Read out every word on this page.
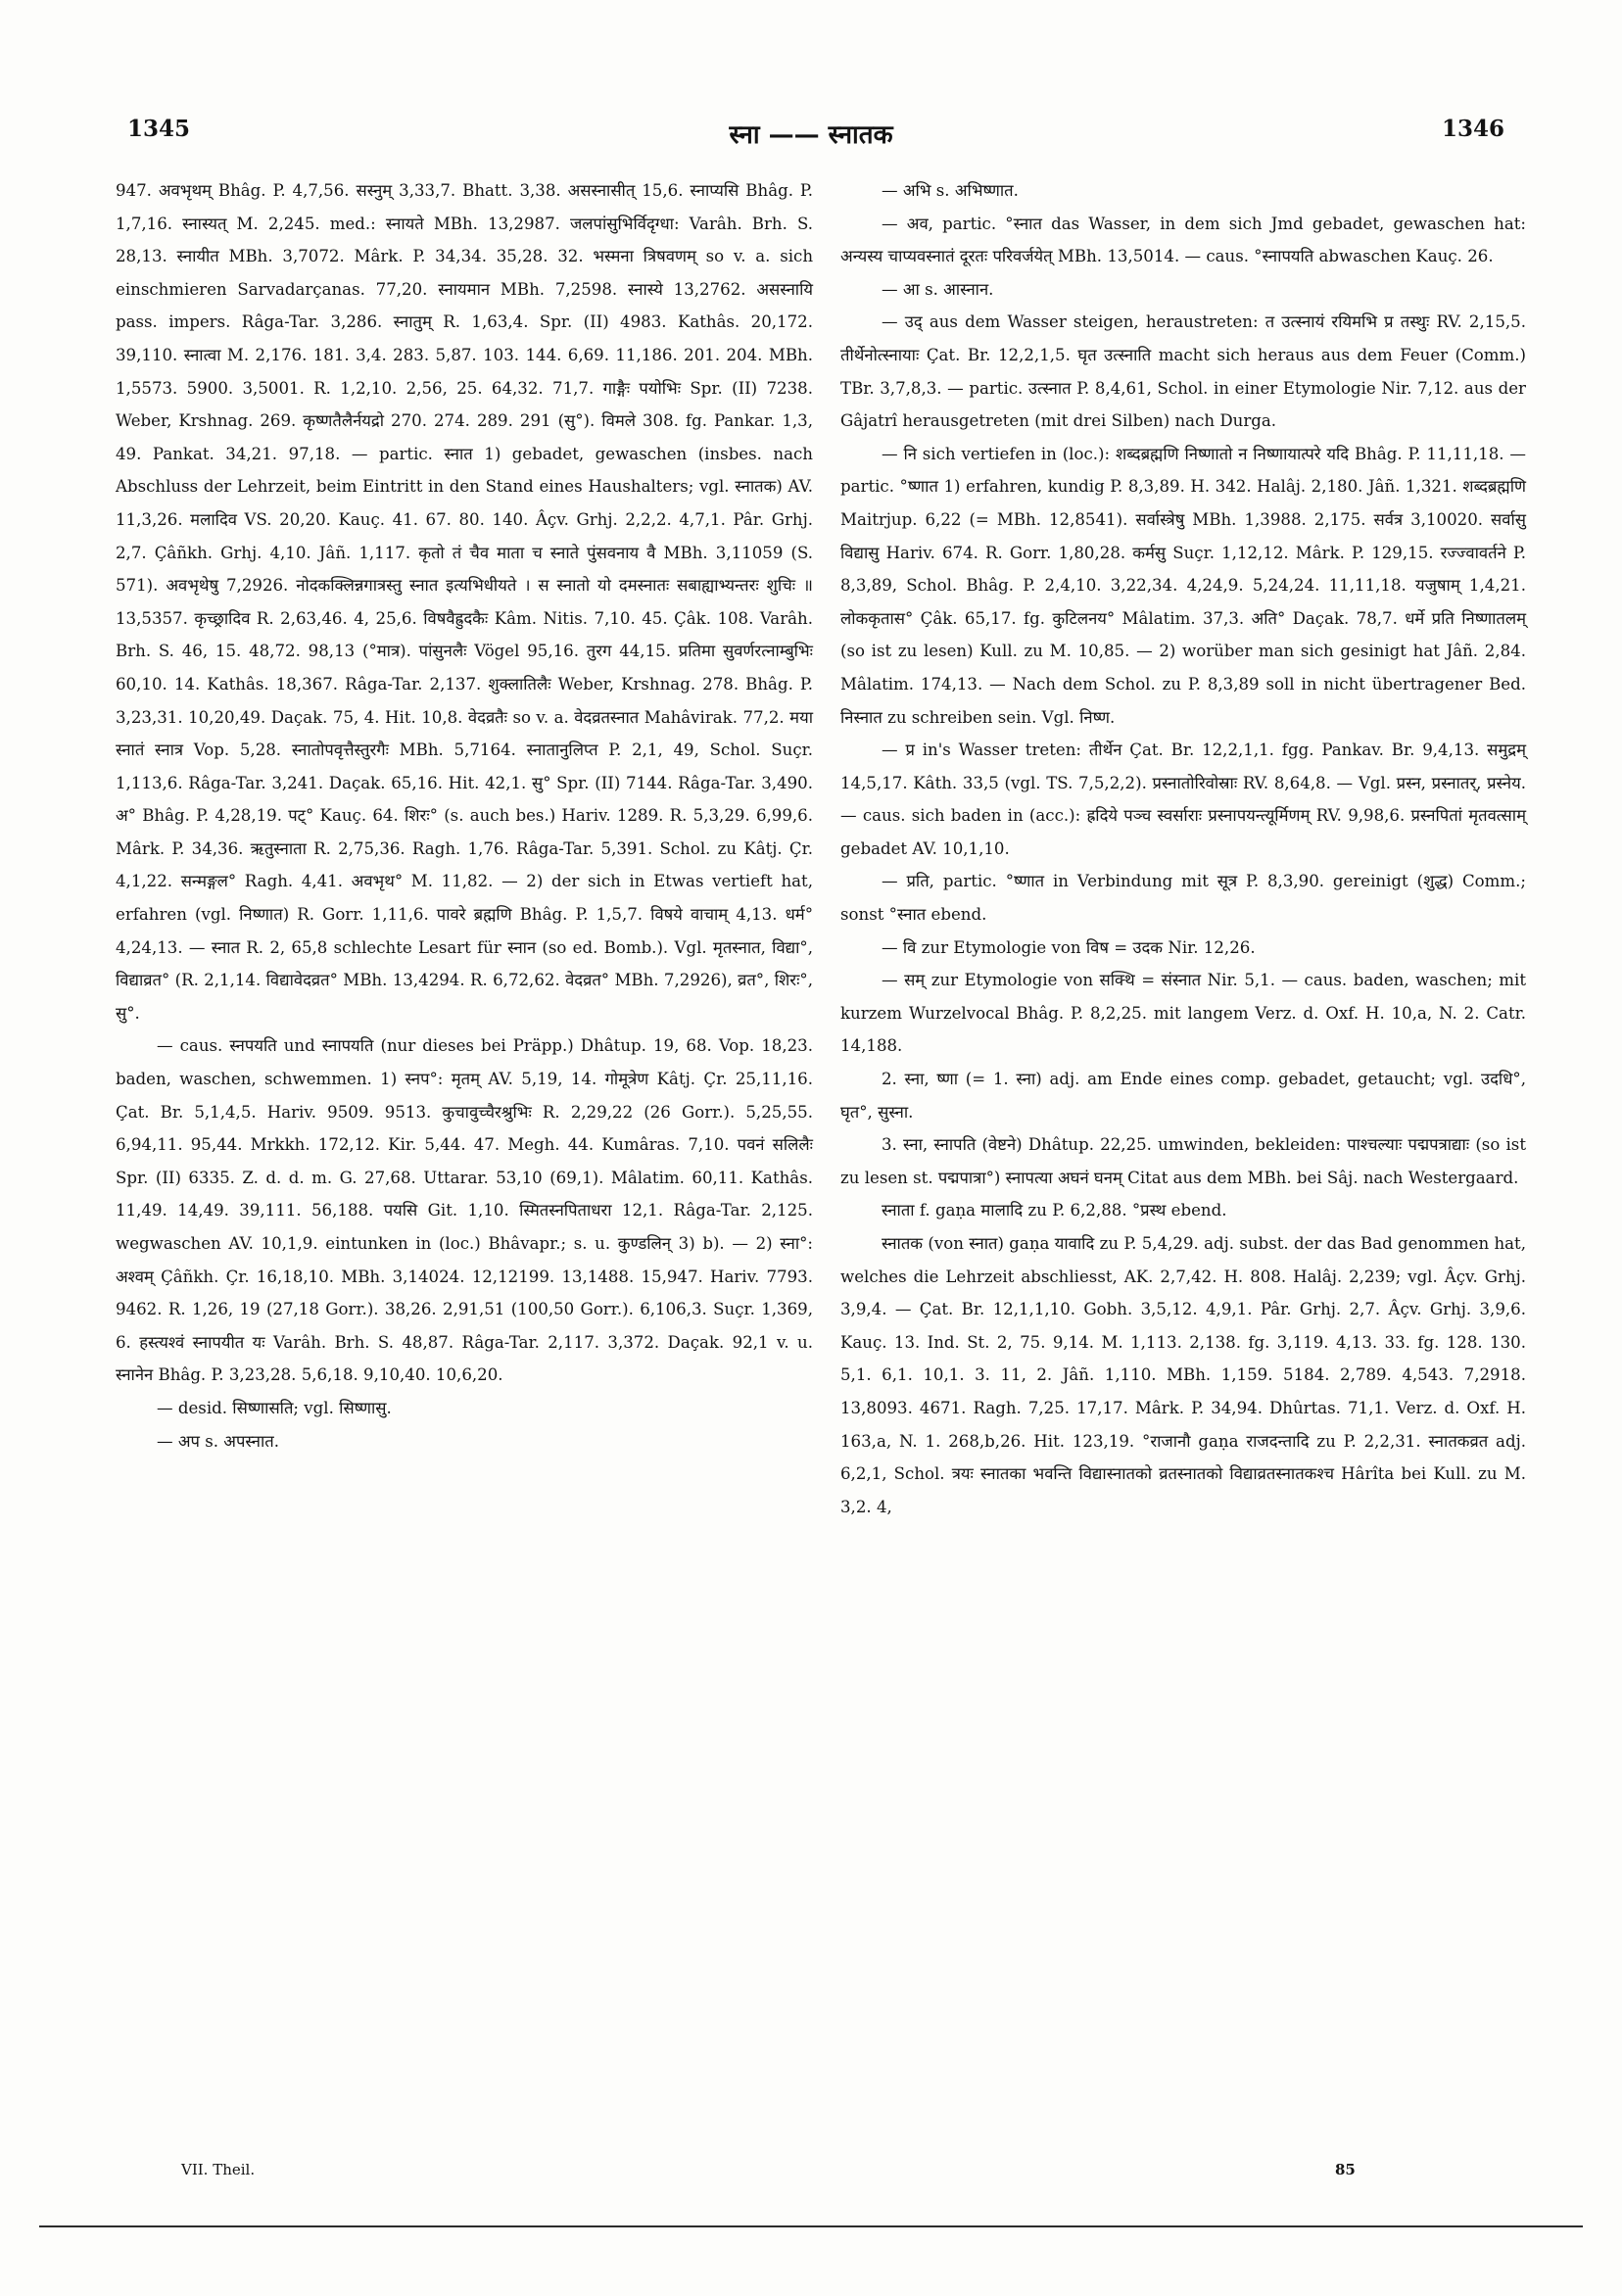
1345	स्ना —— स्नातक	1346

947. अवभृथम् Bhâg. P. 4,7,56. सस्नुम् 3,33,7. Bhatt. 3,38. असस्नासीत् 15,6. स्नाप्यसि Bhâg. P. 1,7,16. स्नास्यत् M. 2,245. med.: स्नायते MBh. 13,2987. जलपांसुभिर्विदृग्धा: Varâh. Brh. S. 28,13. स्नायीत MBh. 3,7072. Mârk. P. 34,34. 35,28. 32. भस्मना त्रिषवणम् so v. a. sich einschmieren Sarvadarçanas. 77,20. स्नायमान MBh. 7,2598. स्नास्ये 13,2762. असस्नायि pass. impers. Râga-Tar. 3,286. स्नातुम् R. 1,63,4. Spr. (II) 4983. Kathâs. 20,172. 39,110. स्नात्वा M. 2,176. 181. 3,4. 283. 5,87. 103. 144. 6,69. 11,186. 201. 204. MBh. 1,5573. 5900. 3,5001. R. 1,2,10. 2,56, 25. 64,32. 71,7. गाङ्गैः पयोभिः Spr. (II) 7238. Weber, Krshnag. 269. कृष्णतैलैर्नयद्रो 270. 274. 289. 291 (सु°). विमले 308. fg. Pankar. 1,3, 49. Pankat. 34,21. 97,18. — partic. स्नात 1) gebadet, gewaschen (insbes. nach Abschluss der Lehrzeit, beim Eintritt in den Stand eines Haushalters; vgl. स्नातक) AV. 11,3,26. मलादिव VS. 20,20. Kauç. 41. 67. 80. 140. Âçv. Grhj. 2,2,2. 4,7,1. Pâr. Grhj. 2,7. Çâñkh. Grhj. 4,10. Jâñ. 1,117. कृतो तं चैव माता च स्नाते पुंसवनाय वै MBh. 3,11059 (S. 571). अवभृथेषु 7,2926. नोदकक्लिन्नगात्रस्तु स्नात इत्यभिधीयते । स स्नातो यो दमस्नातः सबाह्याभ्यन्तरः शुचिः ॥ 13,5357. कृच्छ्रादिव R. 2,63,46. 4, 25,6. विषवैह्रुदकैः Kâm. Nitis. 7,10. 45. Çâk. 108. Varâh. Brh. S. 46, 15. 48,72. 98,13 (°मात्र). पांसुनलैः Vögel 95,16. तुरग 44,15. प्रतिमा सुवर्णरत्नाम्बुभिः 60,10. 14. Kathâs. 18,367. Râga-Tar. 2,137. शुक्लातिलैः Weber, Krshnag. 278. Bhâg. P. 3,23,31. 10,20,49. Daçak. 75, 4. Hit. 10,8. वेदव्रतैः so v. a. वेदव्रतस्नात Mahâvirak. 77,2. मया स्नातं स्नात्र Vop. 5,28. स्नातोपवृत्तैस्तुरगैः MBh. 5,7164. स्नातानुलिप्त P. 2,1, 49, Schol. Suçr. 1,113,6. Râga-Tar. 3,241. Daçak. 65,16. Hit. 42,1. सु° Spr. (II) 7144. Râga-Tar. 3,490. अ° Bhâg. P. 4,28,19. पट्° Kauç. 64. शिरः° (s. auch bes.) Hariv. 1289. R. 5,3,29. 6,99,6. Mârk. P. 34,36. ऋतुस्नाता R. 2,75,36. Ragh. 1,76. Râga-Tar. 5,391. Schol. zu Kâtj. Çr. 4,1,22. सन्मङ्गल° Ragh. 4,41. अवभृथ° M. 11,82. — 2) der sich in Etwas vertieft hat, erfahren (vgl. निष्णात) R. Gorr. 1,11,6. पावरे ब्रह्मणि Bhâg. P. 1,5,7. विषये वाचाम् 4,13. धर्म° 4,24,13. — स्नात R. 2, 65,8 schlechte Lesart für स्नान (so ed. Bomb.). Vgl. मृतस्नात, विद्या°, विद्याव्रत° (R. 2,1,14. विद्यावेदव्रत° MBh. 13,4294. R. 6,72,62. वेदव्रत° MBh. 7,2926), व्रत°, शिरः°, सु°.

— caus. स्नपयति und स्नापयति (nur dieses bei Präpp.) Dhâtup. 19, 68. Vop. 18,23. baden, waschen, schwemmen. 1) स्नप°: मृतम् AV. 5,19, 14. गोमूत्रेण Kâtj. Çr. 25,11,16. Çat. Br. 5,1,4,5. Hariv. 9509. 9513. कुचावुच्चैरश्रुभिः R. 2,29,22 (26 Gorr.). 5,25,55. 6,94,11. 95,44. Mrkkh. 172,12. Kir. 5,44. 47. Megh. 44. Kumâras. 7,10. पवनं सलिलैः Spr. (II) 6335. Z. d. d. m. G. 27,68. Uttarar. 53,10 (69,1). Mâlatim. 60,11. Kathâs. 11,49. 14,49. 39,111. 56,188. पयसि Git. 1,10. स्मितस्नपिताधरा 12,1. Râga-Tar. 2,125. wegwaschen AV. 10,1,9. eintunken in (loc.) Bhâvapr.; s. u. कुण्डलिन् 3) b). — 2) स्ना°: अश्वम् Çâñkh. Çr. 16,18,10. MBh. 3,14024. 12,12199. 13,1488. 15,947. Hariv. 7793. 9462. R. 1,26, 19 (27,18 Gorr.). 38,26. 2,91,51 (100,50 Gorr.). 6,106,3. Suçr. 1,369, 6. हस्त्यश्वं स्नापयीत यः Varâh. Brh. S. 48,87. Râga-Tar. 2,117. 3,372. Daçak. 92,1 v. u. स्नानेन Bhâg. P. 3,23,28. 5,6,18. 9,10,40. 10,6,20.

— desid. सिष्णासति; vgl. सिष्णासु.

— अप s. अपस्नात.

— अभि s. अभिष्णात.

— अव, partic. °स्नात das Wasser, in dem sich Jmd gebadet, gewaschen hat: अन्यस्य चाप्यवस्नातं दूरतः परिवर्जयेत् MBh. 13,5014. — caus. °स्नापयति abwaschen Kauç. 26.

— आ s. आस्नान.

— उद् aus dem Wasser steigen, heraustreten: त उत्स्नायं रयिमभि प्र तस्थुः RV. 2,15,5. तीर्थेनोत्स्नायाः Çat. Br. 12,2,1,5. घृत उत्स्नाति macht sich heraus aus dem Feuer (Comm.) TBr. 3,7,8,3. — partic. उत्स्नात P. 8,4,61, Schol. in einer Etymologie Nir. 7,12. aus der Gâjatrî herausgetreten (mit drei Silben) nach Durga.

— नि sich vertiefen in (loc.): शब्दब्रह्मणि निष्णातो न निष्णायात्परे यदि Bhâg. P. 11,11,18. — partic. °ष्णात 1) erfahren, kundig P. 8,3,89. H. 342. Halâj. 2,180. Jâñ. 1,321. शब्दब्रह्मणि Maitrjup. 6,22 (= MBh. 12,8541). सर्वास्त्रेषु MBh. 1,3988. 2,175. सर्वत्र 3,10020. सर्वासु विद्यासु Hariv. 674. R. Gorr. 1,80,28. कर्मसु Suçr. 1,12,12. Mârk. P. 129,15. रज्ज्वावर्तने P. 8,3,89, Schol. Bhâg. P. 2,4,10. 3,22,34. 4,24,9. 5,24,24. 11,11,18. यजुषाम् 1,4,21. लोककृतास° Çâk. 65,17. fg. कुटिलनय° Mâlatim. 37,3. अति° Daçak. 78,7. धर्मे प्रति निष्णातलम् (so ist zu lesen) Kull. zu M. 10,85. — 2) worüber man sich gesinigt hat Jâñ. 2,84. Mâlatim. 174,13. — Nach dem Schol. zu P. 8,3,89 soll in nicht übertragener Bed. निस्नात zu schreiben sein. Vgl. निष्ण.

— प्र in's Wasser treten: तीर्थेन Çat. Br. 12,2,1,1. fgg. Pankav. Br. 9,4,13. समुद्रम् 14,5,17. Kâth. 33,5 (vgl. TS. 7,5,2,2). प्रस्नातोरिवोस्राः RV. 8,64,8. — Vgl. प्रस्न, प्रस्नातर्, प्रस्नेय. — caus. sich baden in (acc.): ह्रदिये पञ्च स्वर्साराः प्रस्नापयन्त्यूर्मिणम् RV. 9,98,6. प्रस्नपितां मृतवत्साम् gebadet AV. 10,1,10.

— प्रति, partic. °ष्णात in Verbindung mit सूत्र P. 8,3,90. gereinigt (शुद्ध) Comm.; sonst °स्नात ebend.

— वि zur Etymologie von विष = उदक Nir. 12,26.

— सम् zur Etymologie von सक्थि = संस्नात Nir. 5,1. — caus. baden, waschen; mit kurzem Wurzelvocal Bhâg. P. 8,2,25. mit langem Verz. d. Oxf. H. 10,a, N. 2. Catr. 14,188.

2. स्ना, ष्णा (= 1. स्ना) adj. am Ende eines comp. gebadet, getaucht; vgl. उदधि°, घृत°, सुस्ना.

3. स्ना, स्नापति (वेष्टने) Dhâtup. 22,25. umwinden, bekleiden: पाश्चल्याः पद्मपत्राद्याः (so ist zu lesen st. पद्मपात्रा°) स्नापत्या अघनं घनम् Citat aus dem MBh. bei Sâj. nach Westergaard.

स्नाता f. gaṇa मालादि zu P. 6,2,88. °प्रस्थ ebend.

स्नातक (von स्नात) gaṇa यावादि zu P. 5,4,29. adj. subst. der das Bad genommen hat, welches die Lehrzeit abschliesst, AK. 2,7,42. H. 808. Halâj. 2,239; vgl. Âçv. Grhj. 3,9,4. — Çat. Br. 12,1,1,10. Gobh. 3,5,12. 4,9,1. Pâr. Grhj. 2,7. Âçv. Grhj. 3,9,6. Kauç. 13. Ind. St. 2, 75. 9,14. M. 1,113. 2,138. fg. 3,119. 4,13. 33. fg. 128. 130. 5,1. 6,1. 10,1. 3. 11, 2. Jâñ. 1,110. MBh. 1,159. 5184. 2,789. 4,543. 7,2918. 13,8093. 4671. Ragh. 7,25. 17,17. Mârk. P. 34,94. Dhûrtas. 71,1. Verz. d. Oxf. H. 163,a, N. 1. 268,b,26. Hit. 123,19. °राजानौ gaṇa राजदन्तादि zu P. 2,2,31. स्नातकव्रत adj. 6,2,1, Schol. त्रयः स्नातका भवन्ति विद्यास्नातको व्रतस्नातको विद्याव्रतस्नातकश्च Hârîta bei Kull. zu M. 3,2. 4,

VII. Theil.	85
